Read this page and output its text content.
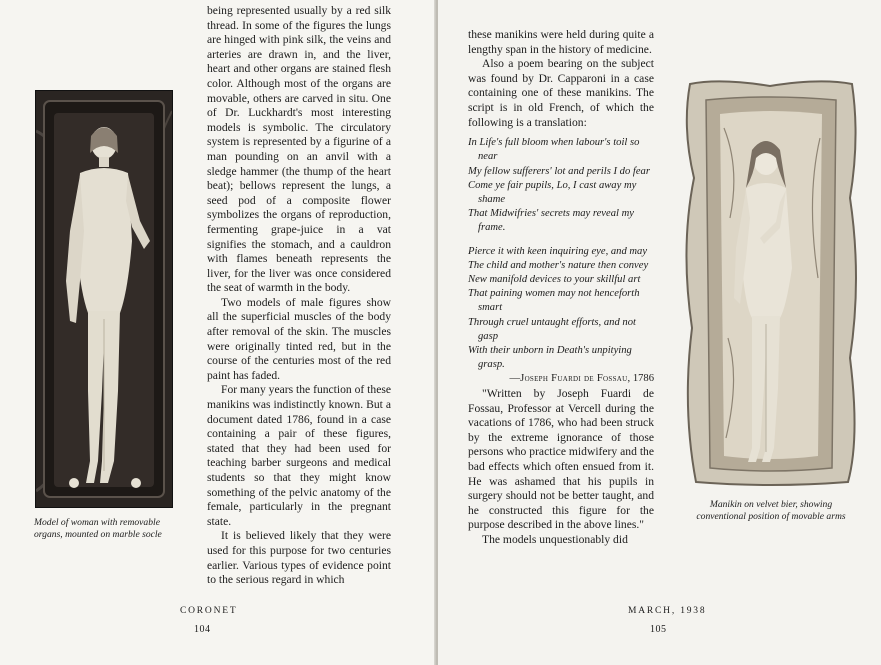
Model of woman with removable organs, mounted on marble socle

being represented usually by a red silk thread. In some of the figures the lungs are hinged with pink silk, the veins and arteries are drawn in, and the liver, heart and other organs are stained flesh color. Although most of the organs are movable, others are carved in situ. One of Dr. Luckhardt's most interesting models is symbolic. The circulatory system is represented by a figurine of a man pounding on an anvil with a sledge hammer (the thump of the heart beat); bellows represent the lungs, a seed pod of a composite flower symbolizes the organs of reproduction, fermenting grape-juice in a vat signifies the stomach, and a cauldron with flames beneath represents the liver, for the liver was once considered the seat of warmth in the body.

Two models of male figures show all the superficial muscles of the body after removal of the skin. The muscles were originally tinted red, but in the course of the centuries most of the red paint has faded.

For many years the function of these manikins was indistinctly known. But a document dated 1786, found in a case containing a pair of these figures, stated that they had been used for teaching barber surgeons and medical students so that they might know something of the pelvic anatomy of the female, particularly in the pregnant state.

It is believed likely that they were used for this purpose for two centuries earlier. Various types of evidence point to the serious regard in which

CORONET
104

these manikins were held during quite a lengthy span in the history of medicine.

Also a poem bearing on the subject was found by Dr. Capparoni in a case containing one of these manikins. The script is in old French, of which the following is a translation:

In Life's full bloom when labour's toil so near
My fellow sufferers' lot and perils I do fear
Come ye fair pupils, Lo, I cast away my shame
That Midwifries' secrets may reveal my frame.
Pierce it with keen inquiring eye, and may
The child and mother's nature then convey
New manifold devices to your skillful art
That paining women may not henceforth smart
Through cruel untaught efforts, and not gasp
With their unborn in Death's unpitying grasp.

—Joseph Fuardi de Fossau, 1786

"Written by Joseph Fuardi de Fossau, Professor at Vercell during the vacations of 1786, who had been struck by the extreme ignorance of those persons who practice midwifery and the bad effects which often ensued from it. He was ashamed that his pupils in surgery should not be better taught, and he constructed this figure for the purpose described in the above lines."

The models unquestionably did

Manikin on velvet bier, showing conventional position of movable arms
MARCH, 1938
105
